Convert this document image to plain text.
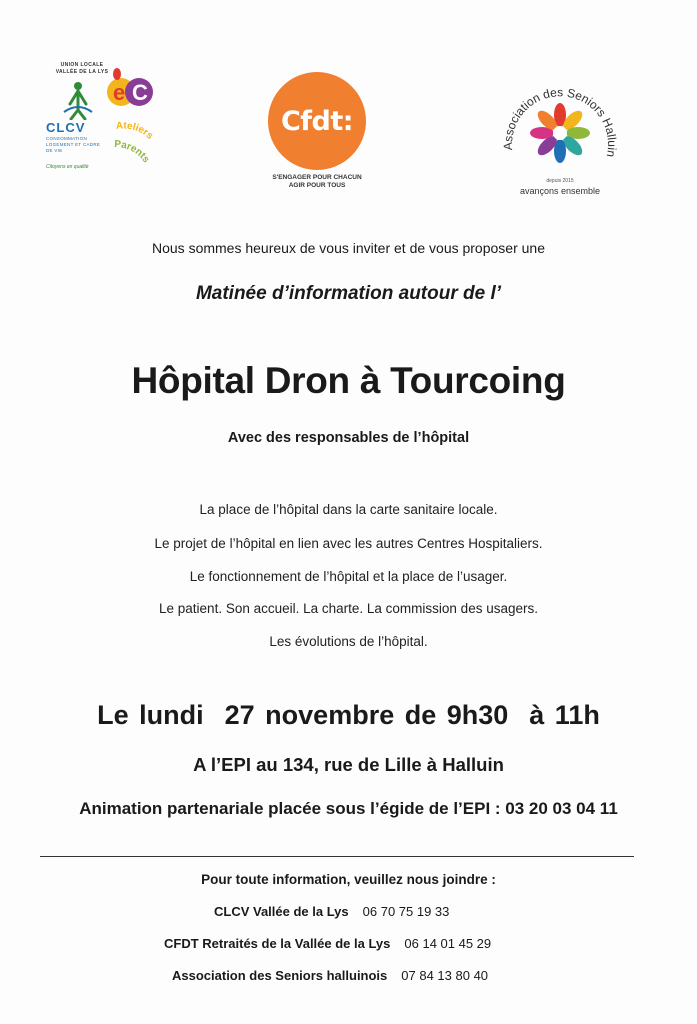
UNION LOCALE VALLÉE DE LA LYS
CLCV
CONSOMMATION LOGEMENT ET CADRE DE VIE
Citoyens en qualité
e C
Ateliers
Parents
Cfdt:
S'ENGAGER POUR CHACUN
AGIR POUR TOUS
Association des Seniors Halluin
depuis 2015
avançons ensemble
Nous sommes heureux de vous inviter et de vous proposer une
Matinée d’information autour de l’
Hôpital Dron à Tourcoing
Avec des responsables de l’hôpital
La place de l’hôpital dans la carte sanitaire locale.
Le projet de l’hôpital en lien avec les autres Centres Hospitaliers.
Le fonctionnement de l’hôpital et la place de l’usager.
Le patient. Son accueil. La charte. La commission des usagers.
Les évolutions de l’hôpital.
Le lundi  27 novembre de 9h30  à 11h
A l’EPI au 134, rue de Lille à Halluin
Animation partenariale placée sous l’égide de l’EPI : 03 20 03 04 11
Pour toute information, veuillez nous joindre :
CLCV Vallée de la Lys 06 70 75 19 33
CFDT Retraités de la Vallée de la Lys 06 14 01 45 29
Association des Seniors halluinois 07 84 13 80 40
